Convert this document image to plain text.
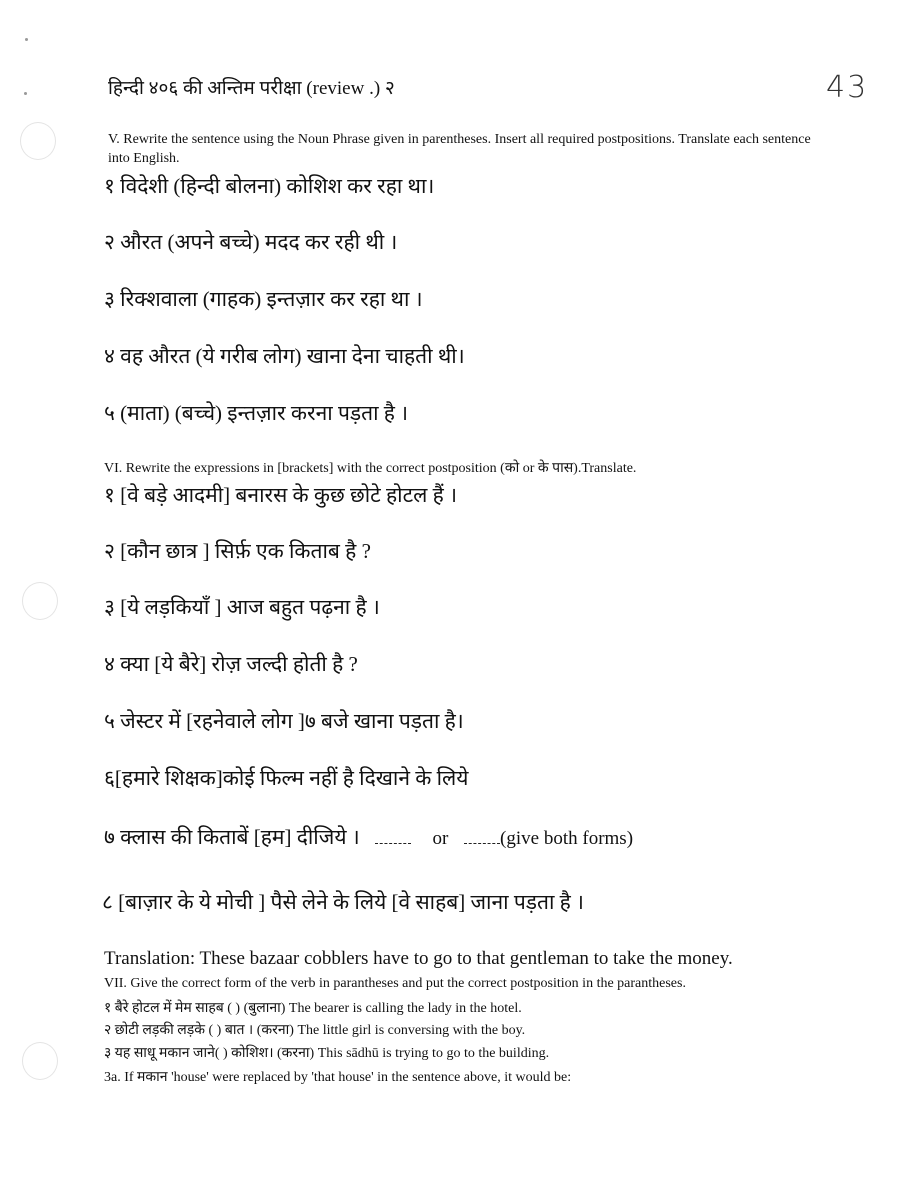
हिन्दी ४०६ की अन्तिम परीक्षा (review .) २	43
V. Rewrite the sentence using the Noun Phrase given in parentheses. Insert all required postpositions. Translate each sentence into English.
१ विदेशी (हिन्दी बोलना) कोशिश कर रहा था।
२ औरत (अपने बच्चे) मदद कर रही थी ।
३ रिक्शवाला (गाहक) इन्तज़ार कर रहा था ।
४ वह औरत (ये गरीब लोग) खाना देना चाहती थी।
५ (माता) (बच्चे) इन्तज़ार करना पड़ता है ।
VI. Rewrite the expressions in [brackets] with the correct postposition (को or के पास).Translate.
१ [वे बड़े आदमी] बनारस के कुछ छोटे होटल हैं ।
२ [कौन छात्र ] सिर्फ़ एक किताब है ?
३ [ये लड़कियाँ ] आज बहुत पढ़ना है ।
४ क्या [ये बैरे] रोज़ जल्दी होती है ?
५ जेस्टर में [रहनेवाले लोग ]७ बजे खाना पड़ता है।
६[हमारे शिक्षक]कोई फिल्म नहीं है दिखाने के लिये
७ क्लास की किताबें [हम] दीजिये ।	or	(give both forms)
८ [बाज़ार के ये मोची ] पैसे लेने के लिये [वे साहब] जाना पड़ता है ।
Translation: These bazaar cobblers have to go to that gentleman to take the money.
VII. Give the correct form of the verb in parantheses and put the correct postposition in the parantheses.
१ बैरे होटल में मेम साहब ( ) (बुलाना) The bearer is calling the lady in the hotel.
२ छोटी लड़की लड़के ( ) बात । (करना) The little girl is conversing with the boy.
३ यह साधू मकान जाने( ) कोशिश। (करना) This sādhū is trying to go to the building.
3a. If मकान 'house' were replaced by 'that house' in the sentence above, it would be:
